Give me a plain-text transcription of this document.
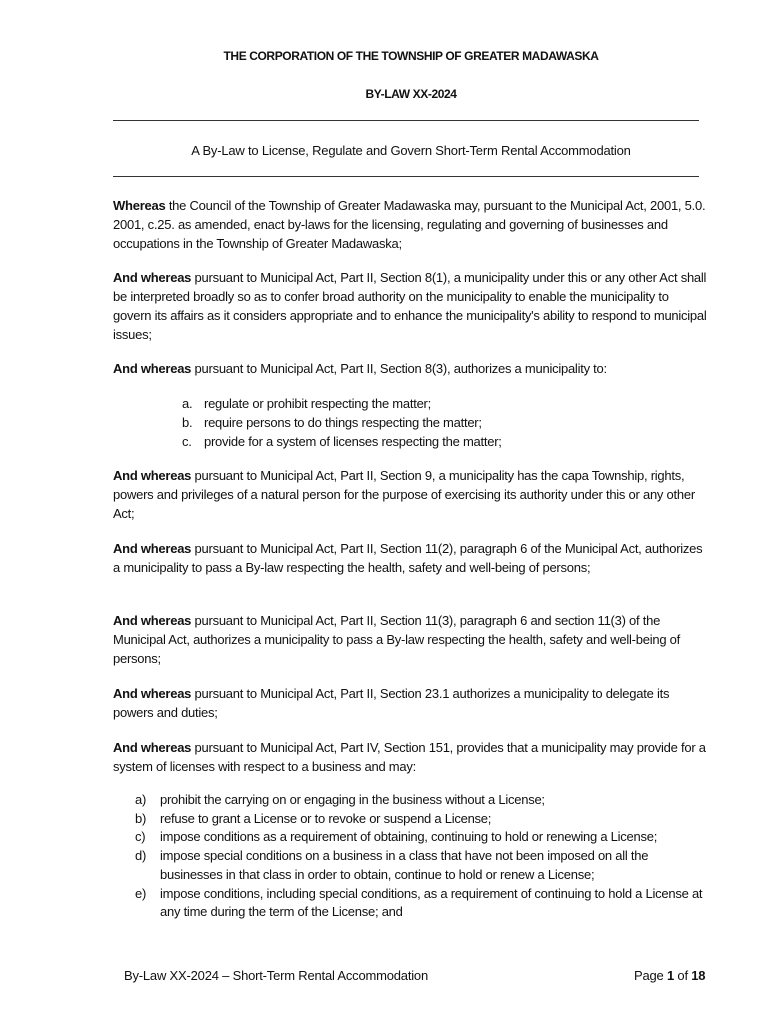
THE CORPORATION OF THE TOWNSHIP OF GREATER MADAWASKA
BY-LAW XX-2024
A By-Law to License, Regulate and Govern Short-Term Rental Accommodation
Whereas the Council of the Township of Greater Madawaska may, pursuant to the Municipal Act, 2001, 5.0. 2001, c.25. as amended, enact by-laws for the licensing, regulating and governing of businesses and occupations in the Township of Greater Madawaska;
And whereas pursuant to Municipal Act, Part II, Section 8(1), a municipality under this or any other Act shall be interpreted broadly so as to confer broad authority on the municipality to enable the municipality to govern its affairs as it considers appropriate and to enhance the municipality's ability to respond to municipal issues;
And whereas pursuant to Municipal Act, Part II, Section 8(3), authorizes a municipality to:
a. regulate or prohibit respecting the matter;
b. require persons to do things respecting the matter;
c. provide for a system of licenses respecting the matter;
And whereas pursuant to Municipal Act, Part II, Section 9, a municipality has the capa Township, rights, powers and privileges of a natural person for the purpose of exercising its authority under this or any other Act;
And whereas pursuant to Municipal Act, Part II, Section 11(2), paragraph 6 of the Municipal Act, authorizes a municipality to pass a By-law respecting the health, safety and well-being of persons;
And whereas pursuant to Municipal Act, Part II, Section 11(3), paragraph 6 and section 11(3) of the Municipal Act, authorizes a municipality to pass a By-law respecting the health, safety and well-being of persons;
And whereas pursuant to Municipal Act, Part II, Section 23.1 authorizes a municipality to delegate its powers and duties;
And whereas pursuant to Municipal Act, Part IV, Section 151, provides that a municipality may provide for a system of licenses with respect to a business and may:
a) prohibit the carrying on or engaging in the business without a License;
b) refuse to grant a License or to revoke or suspend a License;
c) impose conditions as a requirement of obtaining, continuing to hold or renewing a License;
d) impose special conditions on a business in a class that have not been imposed on all the businesses in that class in order to obtain, continue to hold or renew a License;
e) impose conditions, including special conditions, as a requirement of continuing to hold a License at any time during the term of the License; and
By-Law XX-2024 – Short-Term Rental Accommodation	Page 1 of 18
